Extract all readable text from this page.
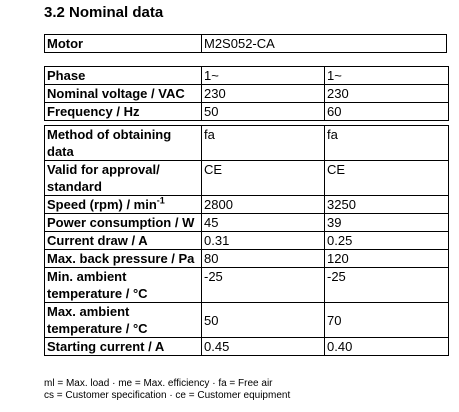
3.2 Nominal data
Motor	M2S052-CA
Phase	1~	1~
Nominal voltage / VAC	230	230
Frequency / Hz	50	60

Method of obtaining
data	fa	fa

Valid for approval/
standard	CE	CE
Speed $(rpm) / \min^{-1}$	2800	3250
Power consumption / W	45	39
Current draw / A	0.31	0.25
Max. back pressure / Pa	80	120

Min. ambient
temperature / °C	-25	-25

Max. ambient
temperature / °C	50	70
Starting current / A	0.45	0.40
ml = Max. load · me = Max. efficiency · fa = Free air
cs = Customer specification · ce = Customer equipment
